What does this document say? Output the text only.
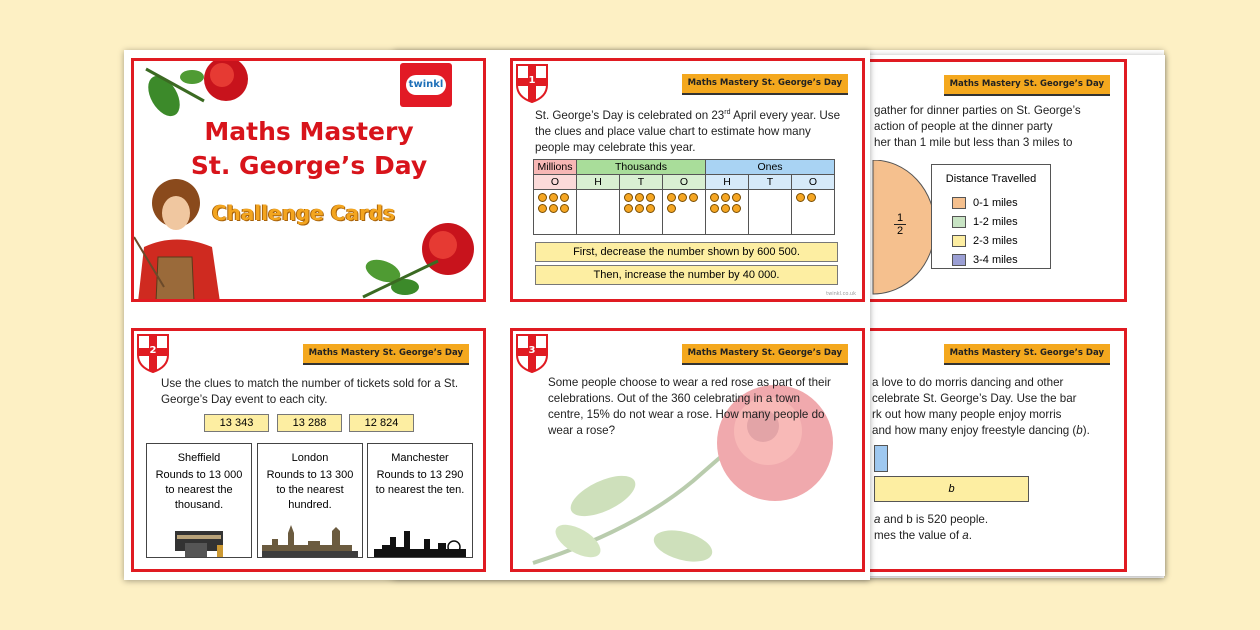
Maths Mastery St. George’s Day
gather for dinner parties on St. George’s
action of people at the dinner party
her than 1 mile but less than 3 miles to
1
2
Distance Travelled
0-1 miles
1-2 miles
2-3 miles
3-4 miles
Maths Mastery St. George’s Day
a love to do morris dancing and other
celebrate St. George’s Day. Use the bar
rk out how many people enjoy morris
and how many enjoy freestyle dancing (b).
b
a and b is 520 people.
mes the value of a.
twinkl
Maths Mastery
St. George’s Day
Challenge Cards
1	Maths Mastery St. George’s Day
St. George’s Day is celebrated on 23rd April every year. Use
the clues and place value chart to estimate how many
people may celebrate this year.
Millions	Thousands			Ones		
O	H	T	O	H	T	O

First, decrease the number shown by 600 500.
Then, increase the number by 40 000.
twinkl.co.uk
2	Maths Mastery St. George’s Day
Use the clues to match the number of tickets sold for a St.
George’s Day event to each city.
13 343	13 288	12 824
Sheffield
Rounds to 13 000
to nearest the
thousand.
London
Rounds to 13 300
to the nearest
hundred.
Manchester
Rounds to 13 290
to nearest the ten.
3	Maths Mastery St. George’s Day
Some people choose to wear a red rose as part of their
celebrations. Out of the 360 celebrating in a town
centre, 15% do not wear a rose. How many people do
wear a rose?
